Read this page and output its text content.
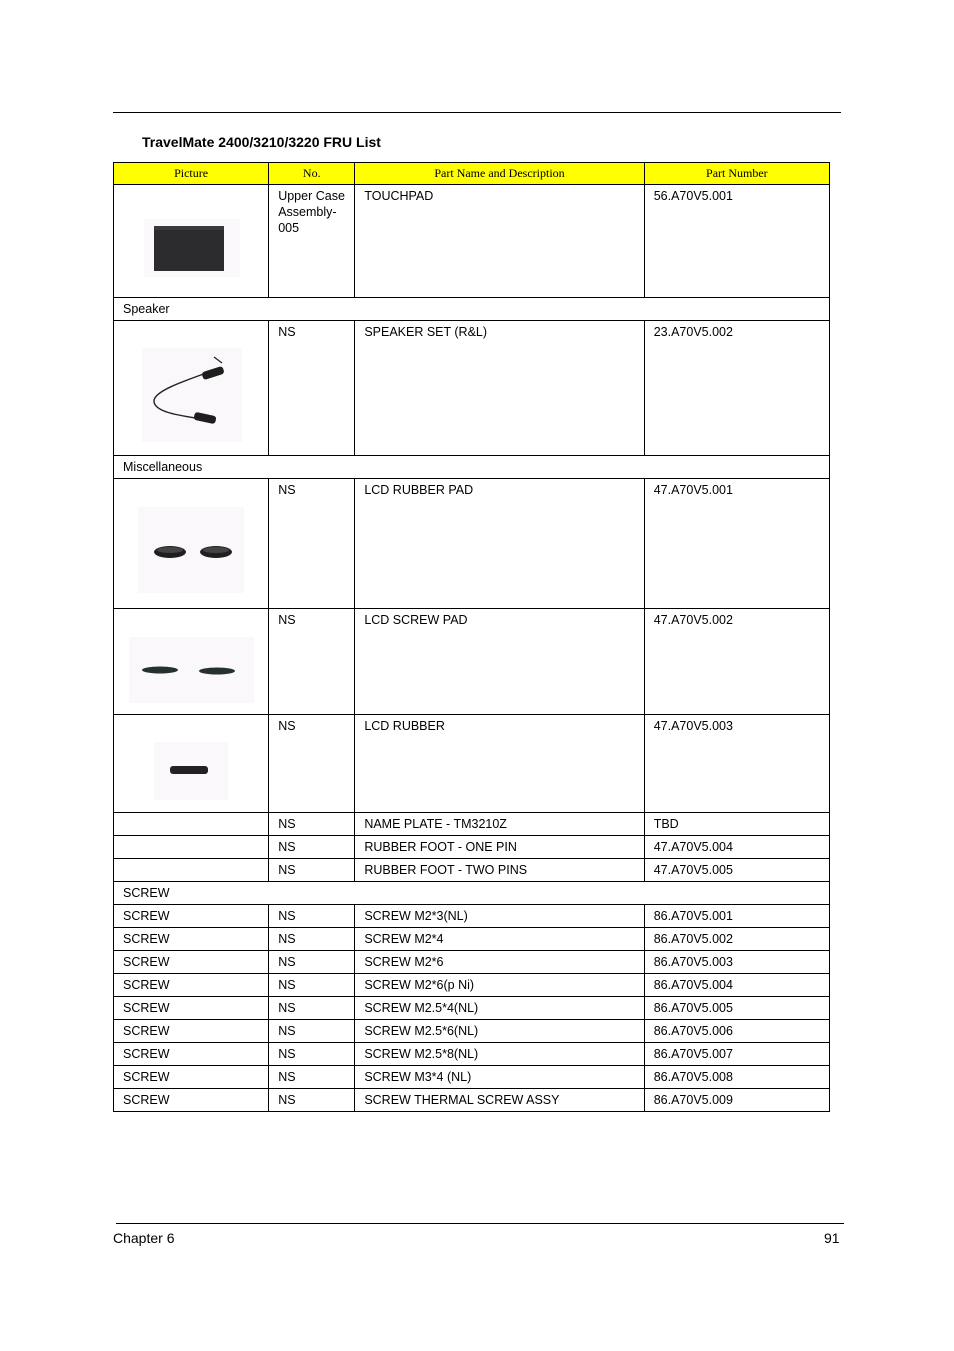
TravelMate 2400/3210/3220 FRU List
Picture	No.	Part Name and Description	Part Number

	Upper Case Assembly-005	TOUCHPAD	56.A70V5.001
Speaker			

	NS	SPEAKER SET (R&L)	23.A70V5.002
Miscellaneous			

	NS	LCD RUBBER PAD	47.A70V5.001

	NS	LCD SCREW PAD	47.A70V5.002

	NS	LCD RUBBER	47.A70V5.003
	NS	NAME PLATE - TM3210Z	TBD
	NS	RUBBER FOOT - ONE PIN	47.A70V5.004
	NS	RUBBER FOOT - TWO PINS	47.A70V5.005
SCREW			
SCREW	NS	SCREW M2*3(NL)	86.A70V5.001
SCREW	NS	SCREW M2*4	86.A70V5.002
SCREW	NS	SCREW M2*6	86.A70V5.003
SCREW	NS	SCREW M2*6(p Ni)	86.A70V5.004
SCREW	NS	SCREW M2.5*4(NL)	86.A70V5.005
SCREW	NS	SCREW M2.5*6(NL)	86.A70V5.006
SCREW	NS	SCREW M2.5*8(NL)	86.A70V5.007
SCREW	NS	SCREW M3*4 (NL)	86.A70V5.008
SCREW	NS	SCREW THERMAL SCREW ASSY	86.A70V5.009
Chapter 6	91
